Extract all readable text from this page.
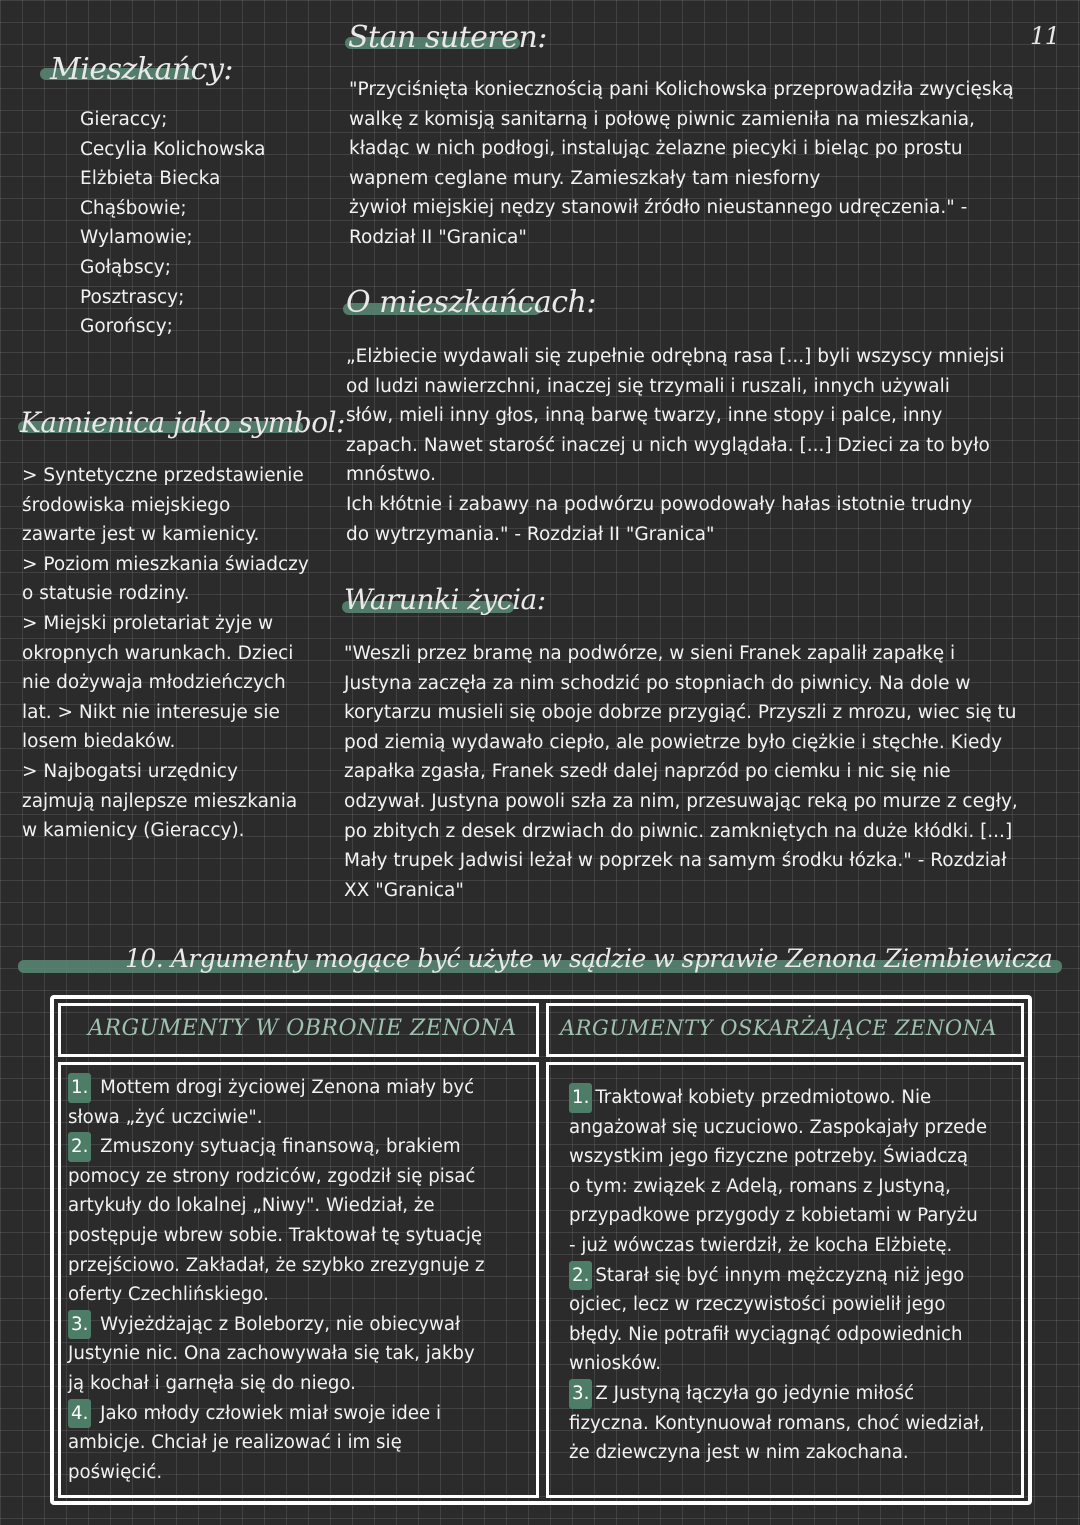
11
Mieszkańcy:
Gieraccy;
Cecylia Kolichowska
Elżbieta Biecka
Chąśbowie;
Wylamowie;
Gołąbscy;
Posztrascy;
Gorońscy;
Kamienica jako symbol:
> Syntetyczne przedstawienie
środowiska miejskiego
zawarte jest w kamienicy.
> Poziom mieszkania świadczy
o statusie rodziny.
> Miejski proletariat żyje w
okropnych warunkach. Dzieci
nie dożywaja młodzieńczych
lat. > Nikt nie interesuje sie
losem biedaków.
> Najbogatsi urzędnicy
zajmują najlepsze mieszkania
w kamienicy (Gieraccy).
Stan suteren:
"Przyciśnięta koniecznością pani Kolichowska przeprowadziła zwycięską
walkę z komisją sanitarną i połowę piwnic zamieniła na mieszkania,
kładąc w nich podłogi, instalując żelazne piecyki i bieląc po prostu
wapnem ceglane mury. Zamieszkały tam niesforny
żywioł miejskiej nędzy stanowił źródło nieustannego udręczenia." -
Rodział II "Granica"
O mieszkańcach:
„Elżbiecie wydawali się zupełnie odrębną rasa [...] byli wszyscy mniejsi
od ludzi nawierzchni, inaczej się trzymali i ruszali, innych używali
słów, mieli inny głos, inną barwę twarzy, inne stopy i palce, inny
zapach. Nawet starość inaczej u nich wyglądała. [...] Dzieci za to było
mnóstwo.
Ich kłótnie i zabawy na podwórzu powodowały hałas istotnie trudny
do wytrzymania." - Rozdział II "Granica"
Warunki życia:
"Weszli przez bramę na podwórze, w sieni Franek zapalił zapałkę i
Justyna zaczęła za nim schodzić po stopniach do piwnicy. Na dole w
korytarzu musieli się oboje dobrze przygiąć. Przyszli z mrozu, wiec się tu
pod ziemią wydawało ciepło, ale powietrze było ciężkie i stęchłe. Kiedy
zapałka zgasła, Franek szedł dalej naprzód po ciemku i nic się nie
odzywał. Justyna powoli szła za nim, przesuwając reką po murze z cegły,
po zbitych z desek drzwiach do piwnic. zamkniętych na duże kłódki. [...]
Mały trupek Jadwisi leżał w poprzek na samym środku łózka." - Rozdział
XX "Granica"
10. Argumenty mogące być użyte w sądzie w sprawie Zenona Ziembiewicza
ARGUMENTY W OBRONIE ZENONA ARGUMENTY OSKARŻAJĄCE ZENONA
1. Mottem drogi życiowej Zenona miały być
słowa „żyć uczciwie".
2. Zmuszony sytuacją finansową, brakiem
pomocy ze strony rodziców, zgodził się pisać
artykuły do lokalnej „Niwy". Wiedział, że
postępuje wbrew sobie. Traktował tę sytuację
przejściowo. Zakładał, że szybko zrezygnuje z
oferty Czechlińskiego.
3. Wyjeżdżając z Boleborzy, nie obiecywał
Justynie nic. Ona zachowywała się tak, jakby
ją kochał i garnęła się do niego.
4. Jako młody człowiek miał swoje idee i
ambicje. Chciał je realizować i im się
poświęcić.
1. Traktował kobiety przedmiotowo. Nie
angażował się uczuciowo. Zaspokajały przede
wszystkim jego fizyczne potrzeby. Świadczą
o tym: związek z Adelą, romans z Justyną,
przypadkowe przygody z kobietami w Paryżu
- już wówczas twierdził, że kocha Elżbietę.
2. Starał się być innym mężczyzną niż jego
ojciec, lecz w rzeczywistości powielił jego
błędy. Nie potrafił wyciągnąć odpowiednich
wniosków.
3. Z Justyną łączyła go jedynie miłość
fizyczna. Kontynuował romans, choć wiedział,
że dziewczyna jest w nim zakochana.
